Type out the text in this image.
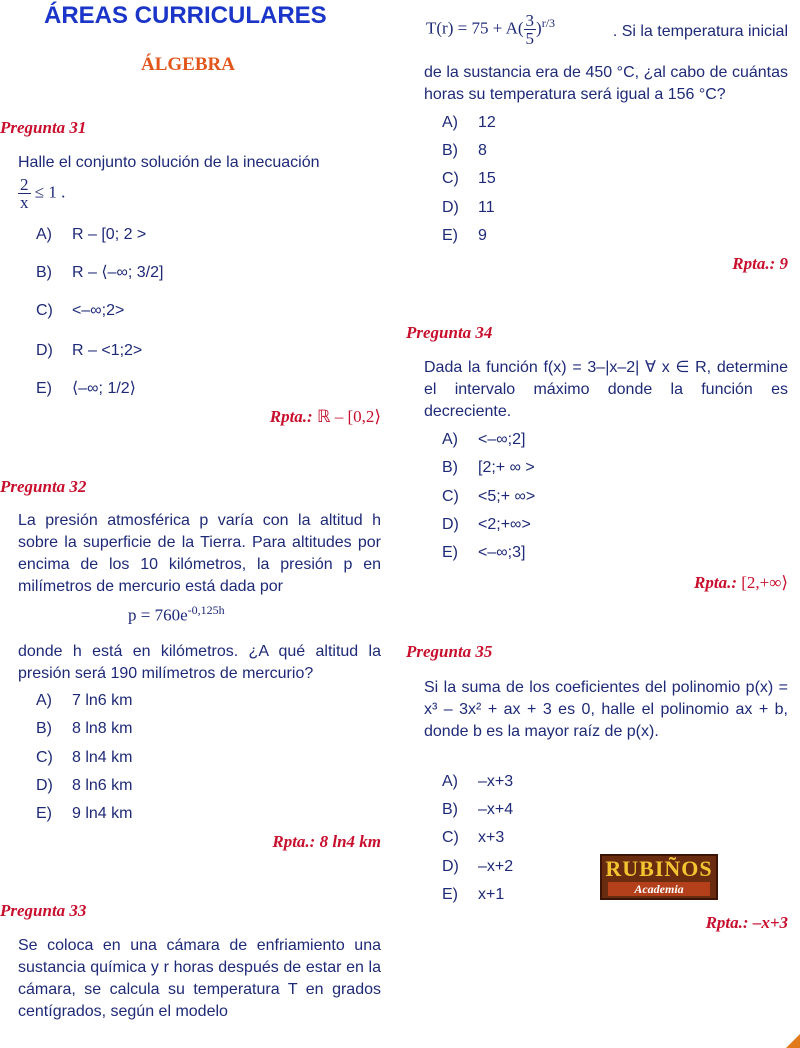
ÁREAS CURRICULARES
ÁLGEBRA
Pregunta 31
Halle el conjunto solución de la inecuación
$\frac{2}{x} \le 1$ .
A) R – [0; 2 >
B) R – ⟨–∞; 3/2]
C) <–∞;2>
D) R – <1;2>
E) ⟨–∞; 1/2⟩
Rpta.: ℝ – [0,2⟩
Pregunta 32
La presión atmosférica p varía con la altitud h sobre la superficie de la Tierra. Para altitudes por encima de los 10 kilómetros, la presión p en milímetros de mercurio está dada por
$p = 760e^{-0,125h}$
donde h está en kilómetros. ¿A qué altitud la presión será 190 milímetros de mercurio?
A) 7 ln6 km
B) 8 ln8 km
C) 8 ln4 km
D) 8 ln6 km
E) 9 ln4 km
Rpta.: 8 ln4 km
Pregunta 33
Se coloca en una cámara de enfriamiento una sustancia química y r horas después de estar en la cámara, se calcula su temperatura T en grados centígrados, según el modelo
$T(r) = 75 + A( \frac{3}{5} )^{r/3}$
. Si la temperatura inicial
de la sustancia era de 450 °C, ¿al cabo de cuántas horas su temperatura será igual a 156 °C?
A) 12
B) 8
C) 15
D) 11
E) 9
Rpta.: 9
Pregunta 34
Dada la función f(x) = 3–|x–2| ∀ x ∈ R, determine el intervalo máximo donde la función es decreciente.
A) <–∞;2]
B) [2;+ ∞ >
C) <5;+ ∞>
D) <2;+∞>
E) <–∞;3]
Rpta.: [2,+∞⟩
Pregunta 35
Si la suma de los coeficientes del polinomio p(x) = x³ – 3x² + ax + 3 es 0, halle el polinomio ax + b, donde b es la mayor raíz de p(x).
A) –x+3
B) –x+4
C) x+3
D) –x+2
E) x+1
Rpta.: –x+3
RUBIÑOS
Academia
